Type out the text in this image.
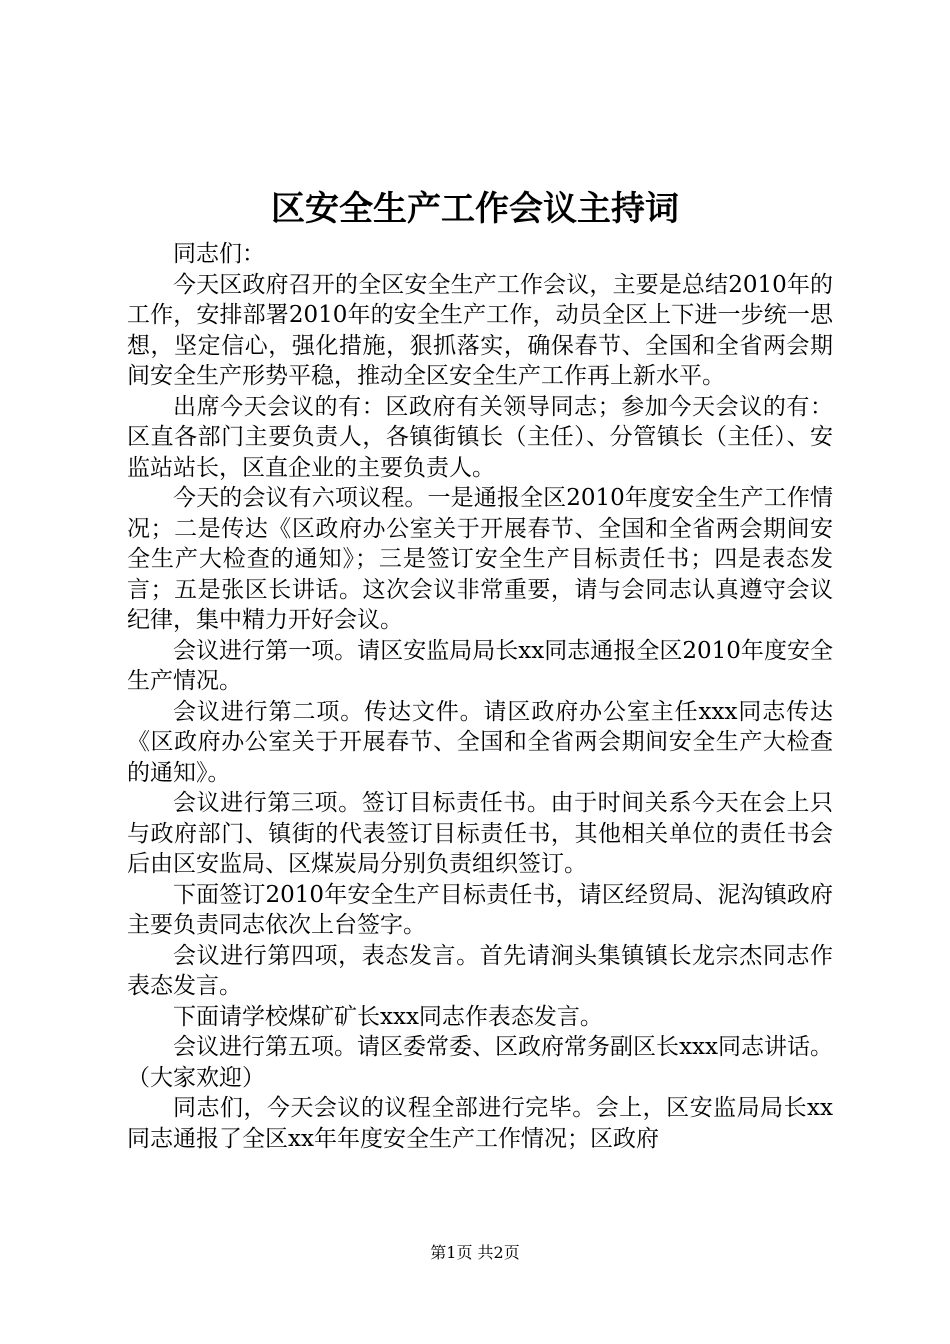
区安全生产工作会议主持词

同志们：

今天区政府召开的全区安全生产工作会议，主要是总结2010年的工作，安排部署2010年的安全生产工作，动员全区上下进一步统一思想，坚定信心，强化措施，狠抓落实，确保春节、全国和全省两会期间安全生产形势平稳，推动全区安全生产工作再上新水平。

出席今天会议的有：区政府有关领导同志；参加今天会议的有：区直各部门主要负责人，各镇街镇长（主任）、分管镇长（主任）、安监站站长，区直企业的主要负责人。

今天的会议有六项议程。一是通报全区2010年度安全生产工作情况；二是传达《区政府办公室关于开展春节、全国和全省两会期间安全生产大检查的通知》；三是签订安全生产目标责任书；四是表态发言；五是张区长讲话。这次会议非常重要，请与会同志认真遵守会议纪律，集中精力开好会议。

会议进行第一项。请区安监局局长xx同志通报全区2010年度安全生产情况。

会议进行第二项。传达文件。请区政府办公室主任xxx同志传达《区政府办公室关于开展春节、全国和全省两会期间安全生产大检查的通知》。

会议进行第三项。签订目标责任书。由于时间关系今天在会上只与政府部门、镇街的代表签订目标责任书，其他相关单位的责任书会后由区安监局、区煤炭局分别负责组织签订。

下面签订2010年安全生产目标责任书，请区经贸局、泥沟镇政府主要负责同志依次上台签字。

会议进行第四项，表态发言。首先请涧头集镇镇长龙宗杰同志作表态发言。

下面请学校煤矿矿长xxx同志作表态发言。

会议进行第五项。请区委常委、区政府常务副区长xxx同志讲话。（大家欢迎）

同志们，今天会议的议程全部进行完毕。会上，区安监局局长xx同志通报了全区xx年年度安全生产工作情况；区政府

第1页 共2页
